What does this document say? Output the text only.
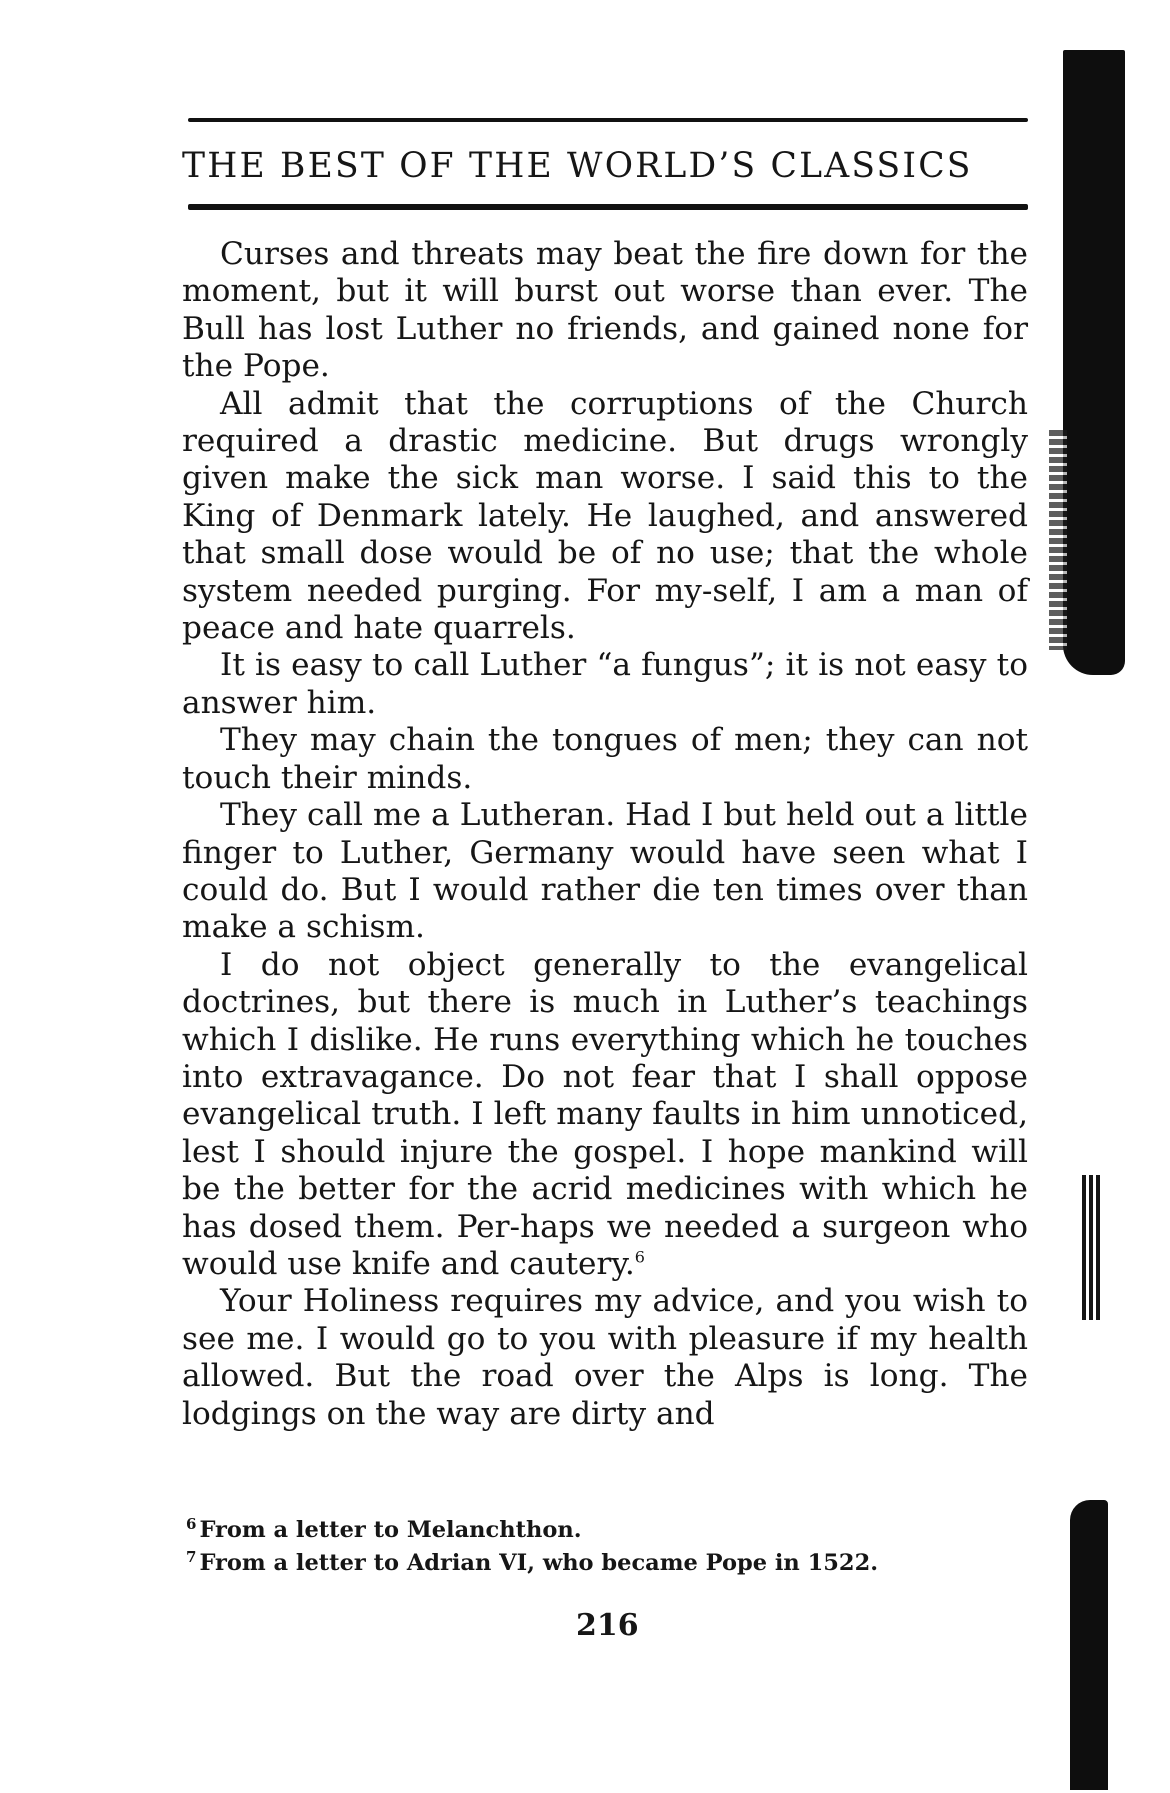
THE BEST OF THE WORLD’S CLASSICS

Curses and threats may beat the fire down for the moment, but it will burst out worse than ever. The Bull has lost Luther no friends, and gained none for the Pope.

All admit that the corruptions of the Church required a drastic medicine. But drugs wrongly given make the sick man worse. I said this to the King of Denmark lately. He laughed, and answered that small dose would be of no use; that the whole system needed purging. For my-self, I am a man of peace and hate quarrels.

It is easy to call Luther “a fungus”; it is not easy to answer him.

They may chain the tongues of men; they can not touch their minds.

They call me a Lutheran. Had I but held out a little finger to Luther, Germany would have seen what I could do. But I would rather die ten times over than make a schism.

I do not object generally to the evangelical doctrines, but there is much in Luther’s teachings which I dislike. He runs everything which he touches into extravagance. Do not fear that I shall oppose evangelical truth. I left many faults in him unnoticed, lest I should injure the gospel. I hope mankind will be the better for the acrid medicines with which he has dosed them. Per-haps we needed a surgeon who would use knife and cautery.$^6$

Your Holiness requires my advice, and you wish to see me. I would go to you with pleasure if my health allowed. But the road over the Alps is long. The lodgings on the way are dirty and

$^6$ From a letter to Melanchthon.

$^7$ From a letter to Adrian VI, who became Pope in 1522.

216
